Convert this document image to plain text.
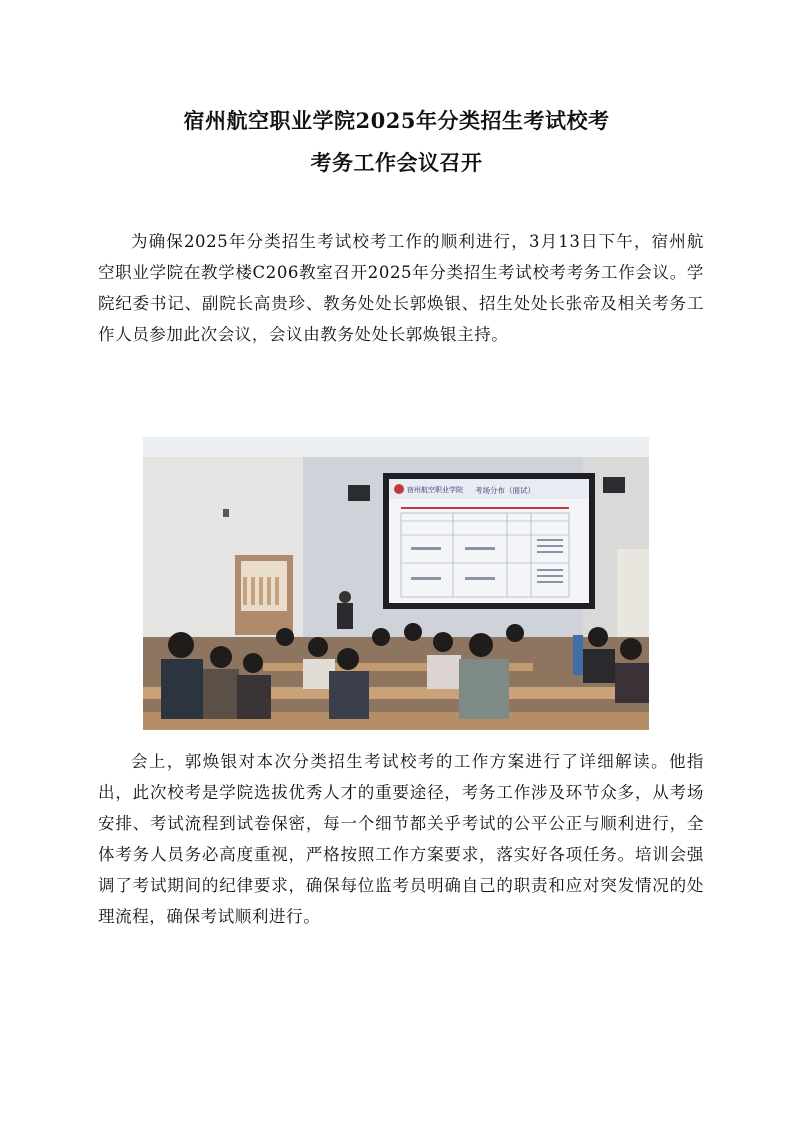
宿州航空职业学院2025年分类招生考试校考
考务工作会议召开

为确保2025年分类招生考试校考工作的顺利进行，3月13日下午，宿州航空职业学院在教学楼C206教室召开2025年分类招生考试校考考务工作会议。学院纪委书记、副院长高贵珍、教务处处长郭焕银、招生处处长张帝及相关考务工作人员参加此次会议，会议由教务处处长郭焕银主持。

宿州航空职业学院 考场分布（面试）

会上，郭焕银对本次分类招生考试校考的工作方案进行了详细解读。他指出，此次校考是学院选拔优秀人才的重要途径，考务工作涉及环节众多，从考场安排、考试流程到试卷保密，每一个细节都关乎考试的公平公正与顺利进行，全体考务人员务必高度重视，严格按照工作方案要求，落实好各项任务。培训会强调了考试期间的纪律要求，确保每位监考员明确自己的职责和应对突发情况的处理流程，确保考试顺利进行。
